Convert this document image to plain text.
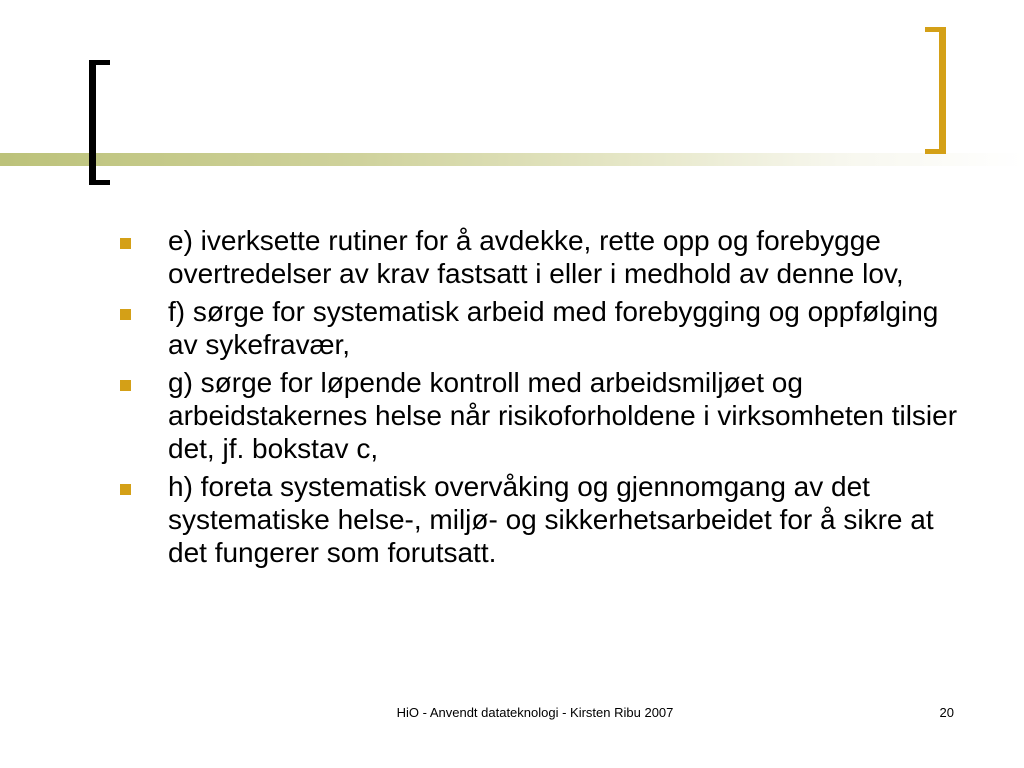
e) iverksette rutiner for å avdekke, rette opp og forebygge overtredelser av krav fastsatt i eller i medhold av denne lov,
f) sørge for systematisk arbeid med forebygging og oppfølging av sykefravær,
g) sørge for løpende kontroll med arbeidsmiljøet og arbeidstakernes helse når risikoforholdene i virksomheten tilsier det, jf. bokstav c,
h) foreta systematisk overvåking og gjennomgang av det systematiske helse-, miljø- og sikkerhetsarbeidet for å sikre at det fungerer som forutsatt.
HiO - Anvendt datateknologi - Kirsten Ribu 2007	20
